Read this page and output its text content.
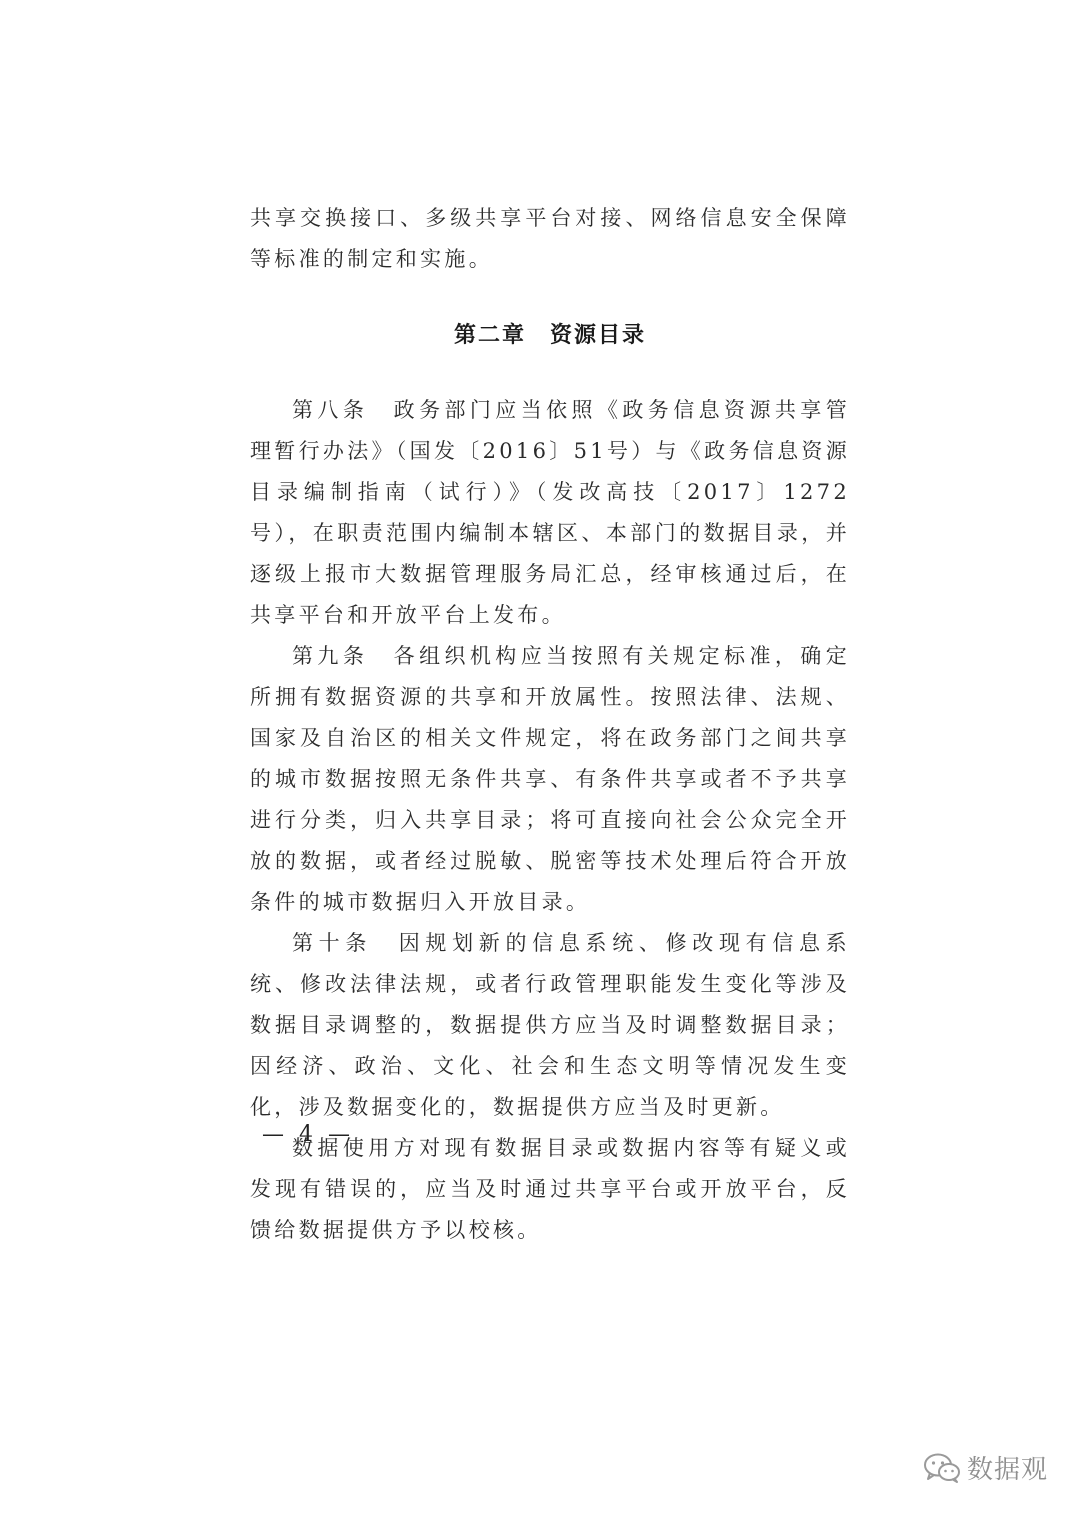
共享交换接口、多级共享平台对接、网络信息安全保障等标准的制定和实施。

第二章　资源目录

第八条　政务部门应当依照《政务信息资源共享管理暂行办法》（国发〔2016〕51号）与《政务信息资源目录编制指南（试行）》（发改高技〔2017〕1272号），在职责范围内编制本辖区、本部门的数据目录，并逐级上报市大数据管理服务局汇总，经审核通过后，在共享平台和开放平台上发布。

第九条　各组织机构应当按照有关规定标准，确定所拥有数据资源的共享和开放属性。按照法律、法规、国家及自治区的相关文件规定，将在政务部门之间共享的城市数据按照无条件共享、有条件共享或者不予共享进行分类，归入共享目录；将可直接向社会公众完全开放的数据，或者经过脱敏、脱密等技术处理后符合开放条件的城市数据归入开放目录。

第十条　因规划新的信息系统、修改现有信息系统、修改法律法规，或者行政管理职能发生变化等涉及数据目录调整的，数据提供方应当及时调整数据目录；因经济、政治、文化、社会和生态文明等情况发生变化，涉及数据变化的，数据提供方应当及时更新。

数据使用方对现有数据目录或数据内容等有疑义或发现有错误的，应当及时通过共享平台或开放平台，反馈给数据提供方予以校核。

— 4 —
数据观
